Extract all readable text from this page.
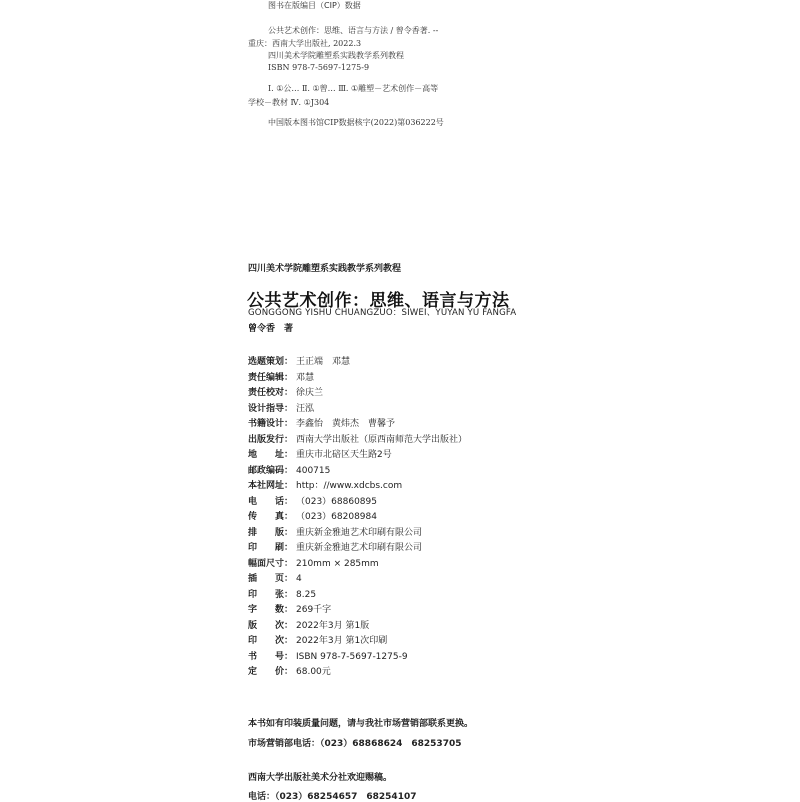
图书在版编目（CIP）数据
公共艺术创作：思维、语言与方法 / 曾令香著. --
重庆：西南大学出版社, 2022.3
四川美术学院雕塑系实践教学系列教程
ISBN 978-7-5697-1275-9
Ⅰ. ①公… Ⅱ. ①曾… Ⅲ. ①雕塑－艺术创作－高等
学校－教材 Ⅳ. ①J304
中国版本图书馆CIP数据核字(2022)第036222号
四川美术学院雕塑系实践教学系列教程
公共艺术创作：思维、语言与方法
GONGGONG YISHU CHUANGZUO：SIWEI、YUYAN YU FANGFA
曾令香　著
选题策划： 王正端　邓慧
责任编辑： 邓慧
责任校对： 徐庆兰
设计指导： 汪泓
书籍设计： 李鑫怡　黄炜杰　曹馨予
出版发行： 西南大学出版社（原西南师范大学出版社）
地　　址： 重庆市北碚区天生路2号
邮政编码： 400715
本社网址： http：//www.xdcbs.com
电　　话： （023）68860895
传　　真： （023）68208984
排　　版： 重庆新金雅迪艺术印刷有限公司
印　　刷： 重庆新金雅迪艺术印刷有限公司
幅面尺寸： 210mm × 285mm
插　　页： 4
印　　张： 8.25
字　　数： 269千字
版　　次： 2022年3月 第1版
印　　次： 2022年3月 第1次印刷
书　　号： ISBN 978-7-5697-1275-9
定　　价： 68.00元
本书如有印装质量问题，请与我社市场营销部联系更换。
市场营销部电话：（023）68868624　68253705
西南大学出版社美术分社欢迎赐稿。
电话：（023）68254657　68254107
